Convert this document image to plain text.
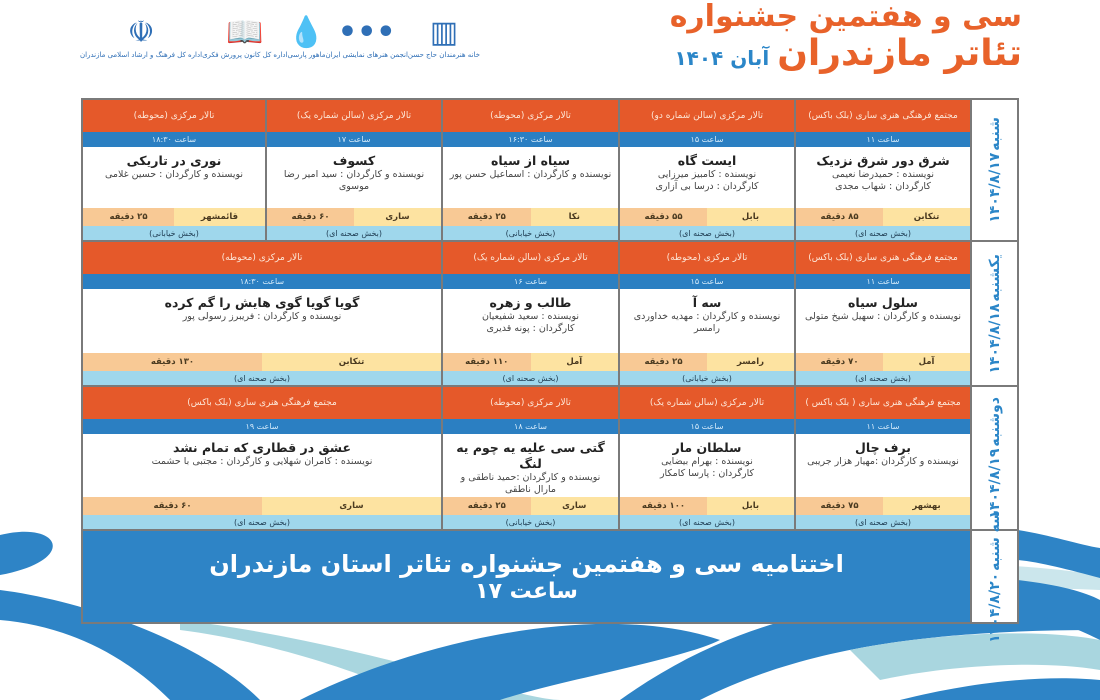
☫
اداره کل فرهنگ و ارشاد اسلامی مازندران
📖
اداره کل کانون پرورش فکری
💧
ماهور پارسی
•••
انجمن هنرهای نمایشی ایران
▥
خانه هنرمندان حاج حسن
سی و هفتمین جشنواره
تئاتر مازندران
آبان ۱۴۰۴
شنبه
۱۴۰۴/۸/۱۷
مجتمع فرهنگی هنری ساری (بلک باکس)
ساعت ۱۱
شرق دور شرق نزدیک
نویسنده : حمیدرضا نعیمی
کارگردان : شهاب مجدی
تنکابن
۸۵ دقیقه
(بخش صحنه ای)
تالار مرکزی (سالن شماره دو)
ساعت ۱۵
ایست گاه
نویسنده : کامبیز میرزایی
کارگردان : درسا بی آزاری
بابل
۵۵ دقیقه
(بخش صحنه ای)
تالار مرکزی (محوطه)
ساعت ۱۶:۳۰
سیاه از سیاه
نویسنده و کارگردان : اسماعیل حسن پور
نکا
۲۵ دقیقه
(بخش خیابانی)
تالار مرکزی (سالن شماره یک)
ساعت ۱۷
کسوف
نویسنده و کارگردان : سید امیر رضا موسوی
ساری
۶۰ دقیقه
(بخش صحنه ای)
تالار مرکزی (محوطه)
ساعت ۱۸:۳۰
نوری در تاریکی
نویسنده و کارگردان : حسین غلامی
قائمشهر
۲۵ دقیقه
(بخش خیابانی)
یکشنبه
۱۴۰۴/۸/۱۸
مجتمع فرهنگی هنری ساری (بلک باکس)
ساعت ۱۱
سلول سیاه
نویسنده و کارگردان : سهیل شیخ متولی
آمل
۷۰ دقیقه
(بخش صحنه ای)
تالار مرکزی (محوطه)
ساعت ۱۵
سه آ
نویسنده و کارگردان : مهدیه خداوردی
رامسر
رامسر
۲۵ دقیقه
(بخش خیابانی)
تالار مرکزی (سالن شماره یک)
ساعت ۱۶
طالب و زهره
نویسنده : سعید شفیعیان
کارگردان : پونه قدیری
آمل
۱۱۰ دقیقه
(بخش صحنه ای)
تالار مرکزی (محوطه)
ساعت ۱۸:۳۰
گویا گویا گوی هایش را گم کرده
نویسنده و کارگردان : فریبرز رسولی پور
تنکابن
۱۳۰ دقیقه
(بخش صحنه ای)
دوشنبه
۱۴۰۴/۸/۱۹
مجتمع فرهنگی هنری ساری ( بلک باکس )
ساعت ۱۱
برف چال
نویسنده و کارگردان :مهیار هزار جریبی
بهشهر
۷۵ دقیقه
(بخش صحنه ای)
تالار مرکزی (سالن شماره یک)
ساعت ۱۵
سلطان مار
نویسنده : بهرام بیضایی
کارگردان : پارسا کامکار
بابل
۱۰۰ دقیقه
(بخش صحنه ای)
تالار مرکزی (محوطه)
ساعت ۱۸
گتی سی علیه یه چوم یه لنگ
نویسنده و کارگردان :حمید ناطقی و
مارال ناطقی
ساری
۲۵ دقیقه
(بخش خیابانی)
مجتمع فرهنگی هنری ساری (بلک باکس)
ساعت ۱۹
عشق در قطاری که تمام نشد
نویسنده : کامران شهلایی و کارگردان : مجتبی با حشمت
ساری
۶۰ دقیقه
(بخش صحنه ای)	سه شنبه
۱۴۰۴/۸/۲۰
اختتامیه سی و هفتمین جشنواره تئاتر استان مازندران
ساعت ۱۷
